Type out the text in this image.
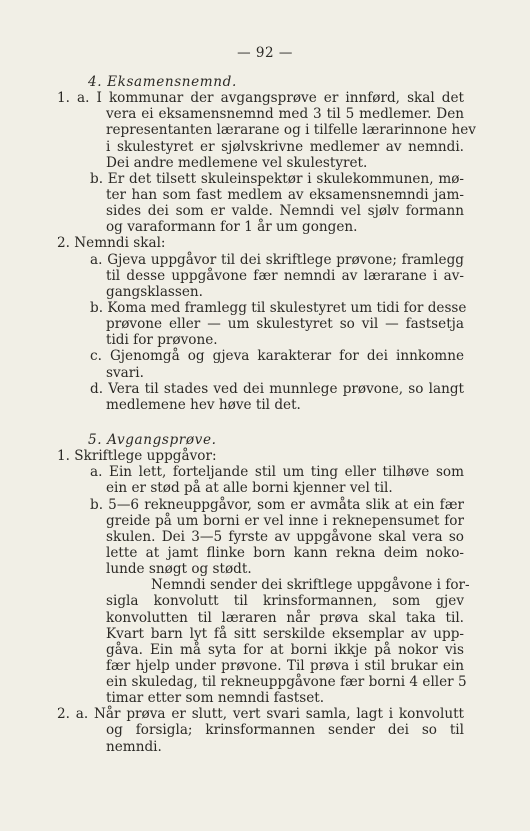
— 92 —
4. Eksamensnemnd.
1. a. I kommunar der avgangsprøve er innførd, skal det
vera ei eksamensnemnd med 3 til 5 medlemer. Den
representanten lærarane og i tilfelle lærarinnone hev
i skulestyret er sjølvskrivne medlemer av nemndi.
Dei andre medlemene vel skulestyret.
b. Er det tilsett skuleinspektør i skulekommunen, mø-
ter han som fast medlem av eksamensnemndi jam-
sides dei som er valde. Nemndi vel sjølv formann
og varaformann for 1 år um gongen.
2. Nemndi skal:
a. Gjeva uppgåvor til dei skriftlege prøvone; framlegg
til desse uppgåvone fær nemndi av lærarane i av-
gangsklassen.
b. Koma med framlegg til skulestyret um tidi for desse
prøvone eller — um skulestyret so vil — fastsetja
tidi for prøvone.
c. Gjenomgå og gjeva karakterar for dei innkomne
svari.
d. Vera til stades ved dei munnlege prøvone, so langt
medlemene hev høve til det.
5. Avgangsprøve.
1. Skriftlege uppgåvor:
a. Ein lett, forteljande stil um ting eller tilhøve som
ein er stød på at alle borni kjenner vel til.
b. 5—6 rekneuppgåvor, som er avmåta slik at ein fær
greide på um borni er vel inne i reknepensumet for
skulen. Dei 3—5 fyrste av uppgåvone skal vera so
lette at jamt flinke born kann rekna deim noko-
lunde snøgt og stødt.
Nemndi sender dei skriftlege uppgåvone i for-
sigla konvolutt til krinsformannen, som gjev
konvolutten til læraren når prøva skal taka til.
Kvart barn lyt få sitt serskilde eksemplar av upp-
gåva. Ein må syta for at borni ikkje på nokor vis
fær hjelp under prøvone. Til prøva i stil brukar ein
ein skuledag, til rekneuppgåvone fær borni 4 eller 5
timar etter som nemndi fastset.
2. a. Når prøva er slutt, vert svari samla, lagt i konvolutt
og forsigla; krinsformannen sender dei so til
nemndi.
